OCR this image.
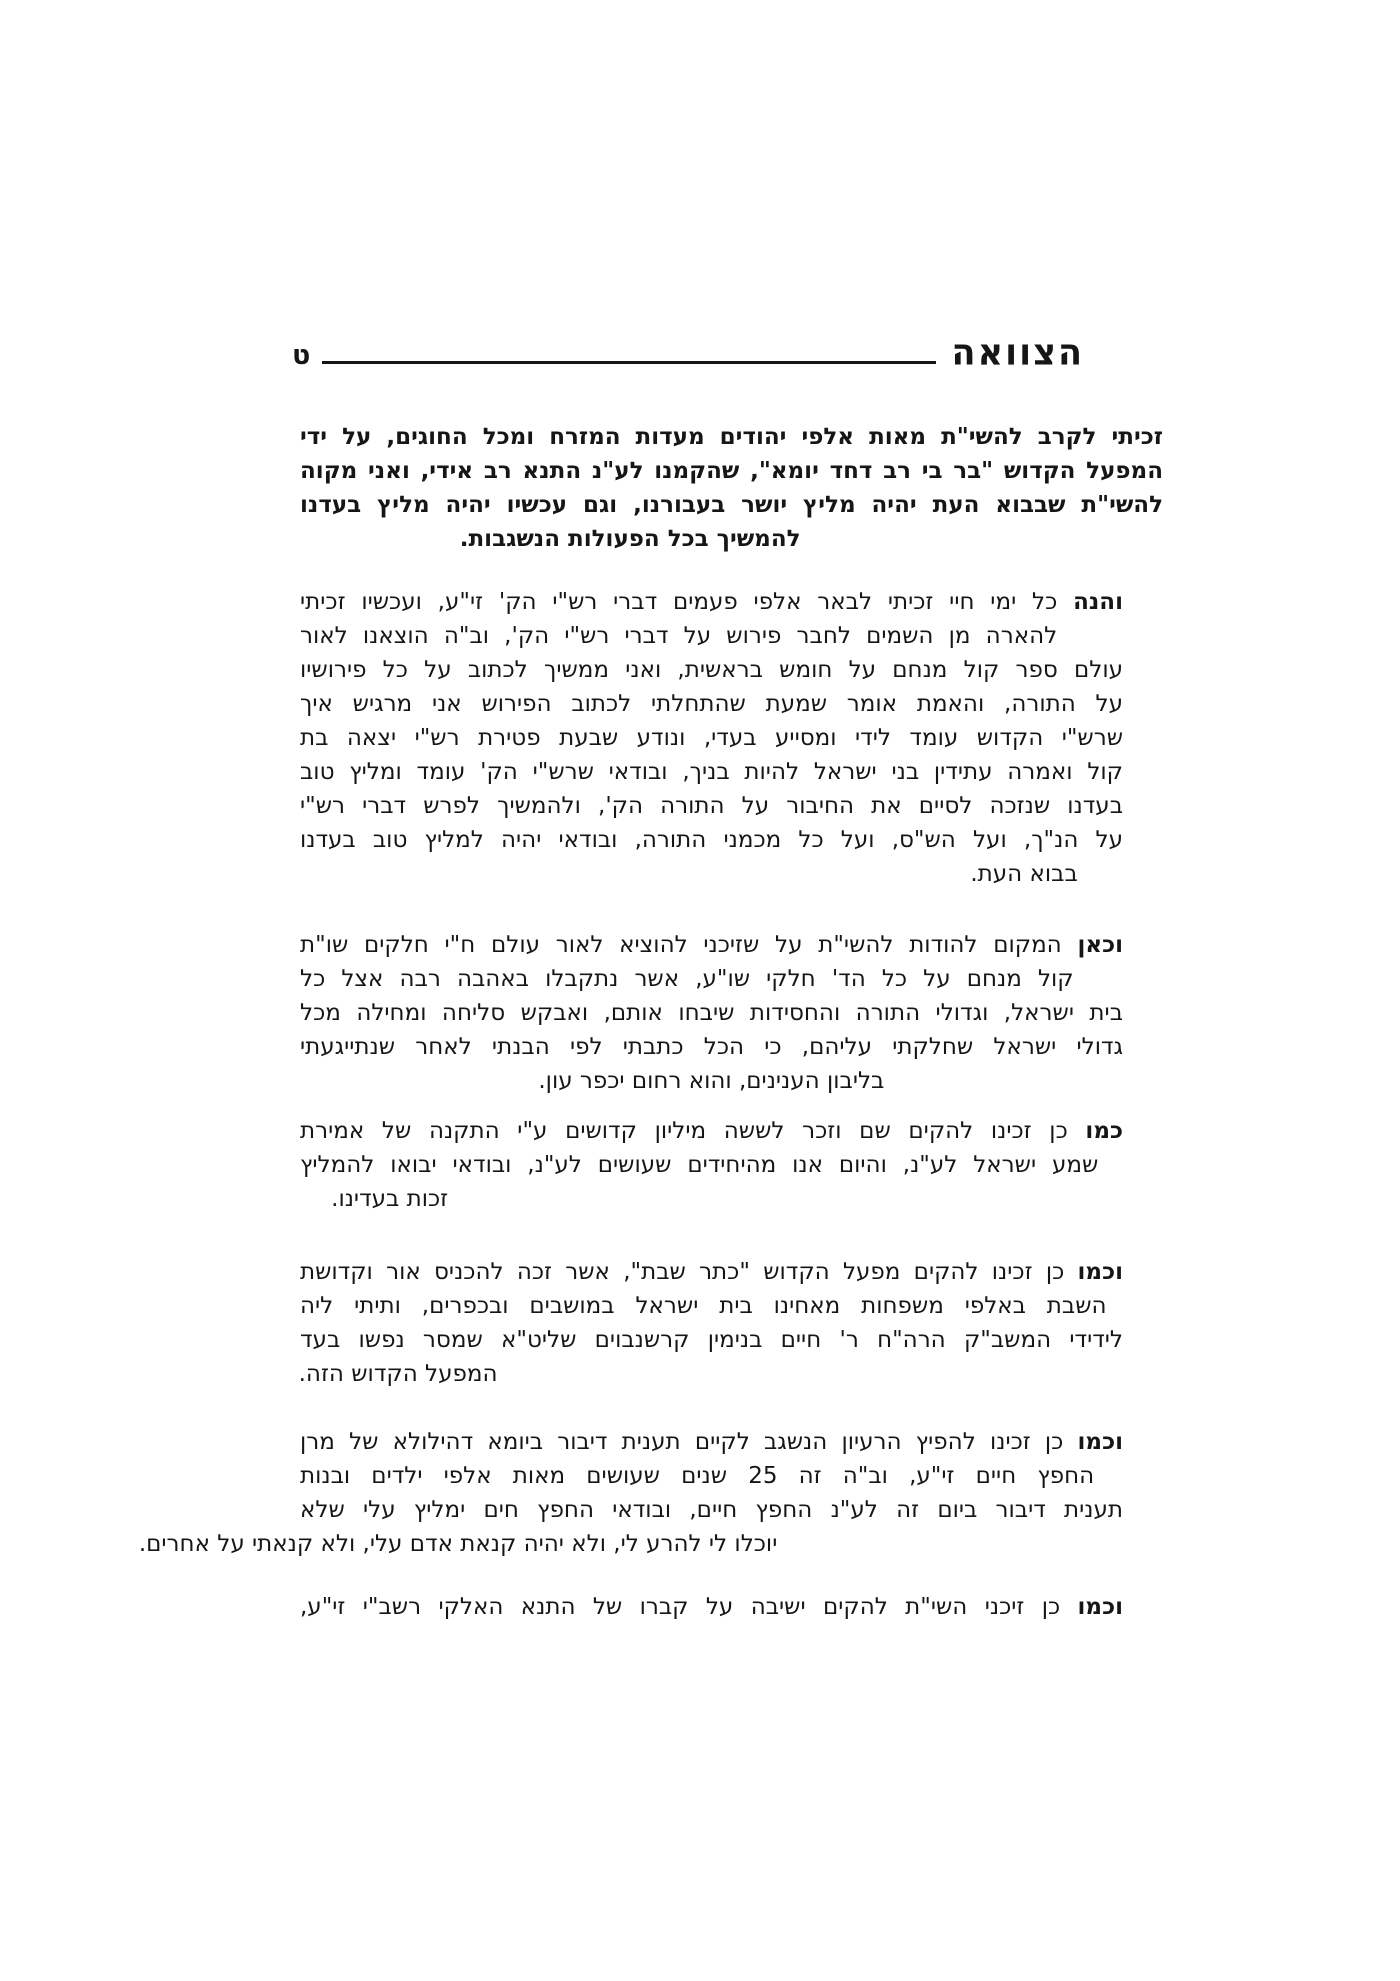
ט	הצוואה
זכיתי לקרב להשי"ת מאות אלפי יהודים מעדות המזרח ומכל החוגים, על ידי
המפעל הקדוש "בר בי רב דחד יומא", שהקמנו לע"נ התנא רב אידי, ואני מקוה
להשי"ת שבבוא העת יהיה מליץ יושר בעבורנו, וגם עכשיו יהיה מליץ בעדנו
להמשיך בכל הפעולות הנשגבות.
והנה כל ימי חיי זכיתי לבאר אלפי פעמים דברי רש"י הק' זי"ע, ועכשיו זכיתי
להארה מן השמים לחבר פירוש על דברי רש"י הק', וב"ה הוצאנו לאור
עולם ספר קול מנחם על חומש בראשית, ואני ממשיך לכתוב על כל פירושיו
על התורה, והאמת אומר שמעת שהתחלתי לכתוב הפירוש אני מרגיש איך
שרש"י הקדוש עומד לידי ומסייע בעדי, ונודע שבעת פטירת רש"י יצאה בת
קול ואמרה עתידין בני ישראל להיות בניך, ובודאי שרש"י הק' עומד ומליץ טוב
בעדנו שנזכה לסיים את החיבור על התורה הק', ולהמשיך לפרש דברי רש"י
על הנ"ך, ועל הש"ס, ועל כל מכמני התורה, ובודאי יהיה למליץ טוב בעדנו
בבוא העת.
וכאן המקום להודות להשי"ת על שזיכני להוציא לאור עולם ח"י חלקים שו"ת
קול מנחם על כל הד' חלקי שו"ע, אשר נתקבלו באהבה רבה אצל כל
בית ישראל, וגדולי התורה והחסידות שיבחו אותם, ואבקש סליחה ומחילה מכל
גדולי ישראל שחלקתי עליהם, כי הכל כתבתי לפי הבנתי לאחר שנתייגעתי
בליבון הענינים, והוא רחום יכפר עון.
כמו כן זכינו להקים שם וזכר לששה מיליון קדושים ע"י התקנה של אמירת
שמע ישראל לע"נ, והיום אנו מהיחידים שעושים לע"נ, ובודאי יבואו להמליץ
זכות בעדינו.
וכמו כן זכינו להקים מפעל הקדוש "כתר שבת", אשר זכה להכניס אור וקדושת
השבת באלפי משפחות מאחינו בית ישראל במושבים ובכפרים, ותיתי ליה
לידידי המשב"ק הרה"ח ר' חיים בנימין קרשנבוים שליט"א שמסר נפשו בעד
המפעל הקדוש הזה.
וכמו כן זכינו להפיץ הרעיון הנשגב לקיים תענית דיבור ביומא דהילולא של מרן
החפץ חיים זי"ע, וב"ה זה 25 שנים שעושים מאות אלפי ילדים ובנות
תענית דיבור ביום זה לע"נ החפץ חיים, ובודאי החפץ חים ימליץ עלי שלא
יוכלו לי להרע לי, ולא יהיה קנאת אדם עלי, ולא קנאתי על אחרים.
וכמו כן זיכני השי"ת להקים ישיבה על קברו של התנא האלקי רשב"י זי"ע,
